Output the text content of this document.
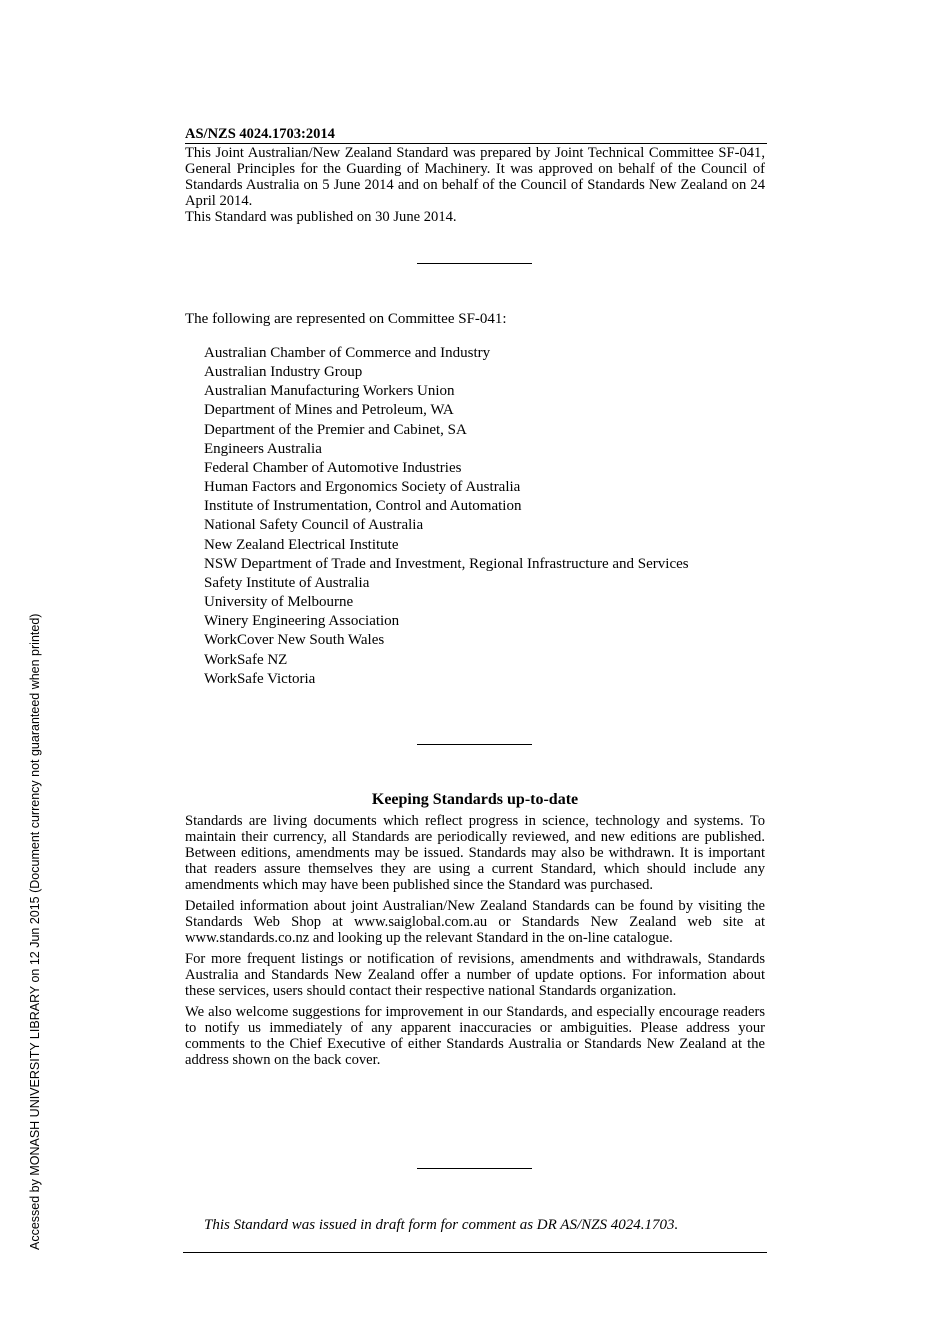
Accessed by MONASH UNIVERSITY LIBRARY on 12 Jun 2015 (Document currency not guaranteed when printed)
AS/NZS 4024.1703:2014

This Joint Australian/New Zealand Standard was prepared by Joint Technical Committee SF-041, General Principles for the Guarding of Machinery. It was approved on behalf of the Council of Standards Australia on 5 June 2014 and on behalf of the Council of Standards New Zealand on 24 April 2014.

This Standard was published on 30 June 2014.

The following are represented on Committee SF-041:

Australian Chamber of Commerce and Industry
Australian Industry Group
Australian Manufacturing Workers Union
Department of Mines and Petroleum, WA
Department of the Premier and Cabinet, SA
Engineers Australia
Federal Chamber of Automotive Industries
Human Factors and Ergonomics Society of Australia
Institute of Instrumentation, Control and Automation
National Safety Council of Australia
New Zealand Electrical Institute
NSW Department of Trade and Investment, Regional Infrastructure and Services
Safety Institute of Australia
University of Melbourne
Winery Engineering Association
WorkCover New South Wales
WorkSafe NZ
WorkSafe Victoria
Keeping Standards up-to-date

Standards are living documents which reflect progress in science, technology and systems. To maintain their currency, all Standards are periodically reviewed, and new editions are published. Between editions, amendments may be issued. Standards may also be withdrawn. It is important that readers assure themselves they are using a current Standard, which should include any amendments which may have been published since the Standard was purchased.

Detailed information about joint Australian/New Zealand Standards can be found by visiting the Standards Web Shop at www.saiglobal.com.au or Standards New Zealand web site at www.standards.co.nz and looking up the relevant Standard in the on-line catalogue.

For more frequent listings or notification of revisions, amendments and withdrawals, Standards Australia and Standards New Zealand offer a number of update options. For information about these services, users should contact their respective national Standards organization.

We also welcome suggestions for improvement in our Standards, and especially encourage readers to notify us immediately of any apparent inaccuracies or ambiguities. Please address your comments to the Chief Executive of either Standards Australia or Standards New Zealand at the address shown on the back cover.

This Standard was issued in draft form for comment as DR AS/NZS 4024.1703.
